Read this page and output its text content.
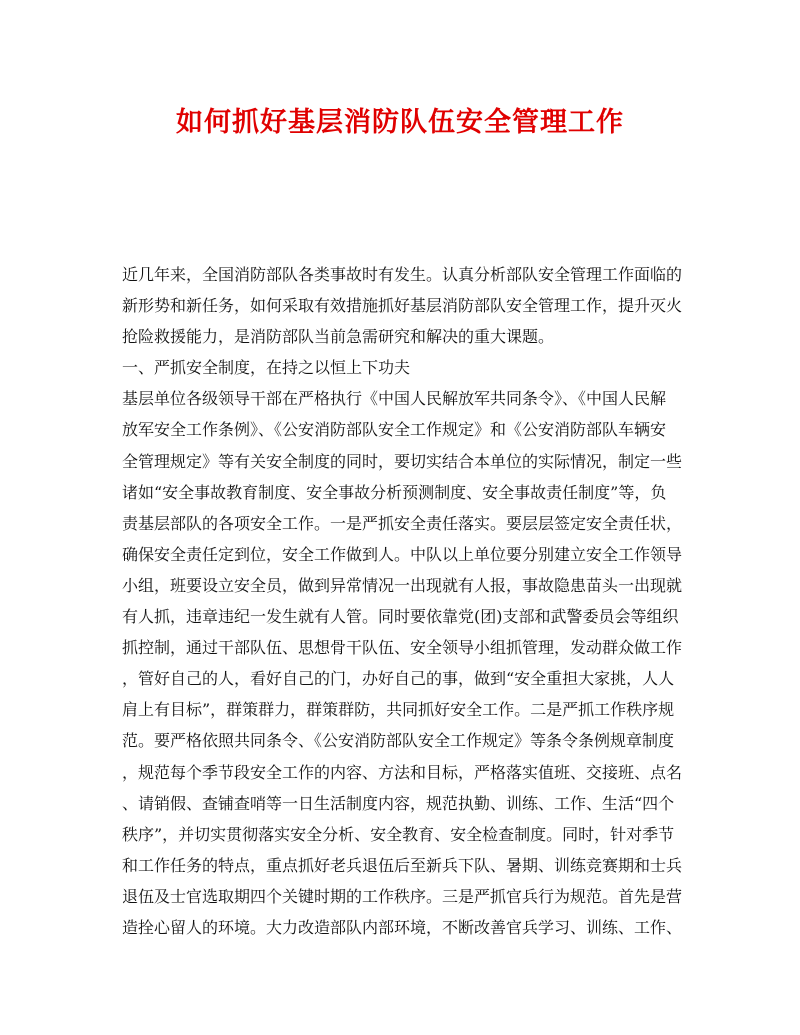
如何抓好基层消防队伍安全管理工作
近几年来，全国消防部队各类事故时有发生。认真分析部队安全管理工作面临的
新形势和新任务，如何采取有效措施抓好基层消防部队安全管理工作，提升灭火
抢险救援能力，是消防部队当前急需研究和解决的重大课题。
一、严抓安全制度，在持之以恒上下功夫
基层单位各级领导干部在严格执行《中国人民解放军共同条令》、《中国人民解
放军安全工作条例》、《公安消防部队安全工作规定》和《公安消防部队车辆安
全管理规定》等有关安全制度的同时，要切实结合本单位的实际情况，制定一些
诸如“安全事故教育制度、安全事故分析预测制度、安全事故责任制度”等，负
责基层部队的各项安全工作。一是严抓安全责任落实。要层层签定安全责任状，
确保安全责任定到位，安全工作做到人。中队以上单位要分别建立安全工作领导
小组，班要设立安全员，做到异常情况一出现就有人报，事故隐患苗头一出现就
有人抓，违章违纪一发生就有人管。同时要依靠党(团)支部和武警委员会等组织
抓控制，通过干部队伍、思想骨干队伍、安全领导小组抓管理，发动群众做工作
，管好自己的人，看好自己的门，办好自己的事，做到“安全重担大家挑，人人
肩上有目标”，群策群力，群策群防，共同抓好安全工作。二是严抓工作秩序规
范。要严格依照共同条令、《公安消防部队安全工作规定》等条令条例规章制度
，规范每个季节段安全工作的内容、方法和目标，严格落实值班、交接班、点名
、请销假、查铺查哨等一日生活制度内容，规范执勤、训练、工作、生活“四个
秩序”，并切实贯彻落实安全分析、安全教育、安全检查制度。同时，针对季节
和工作任务的特点，重点抓好老兵退伍后至新兵下队、暑期、训练竞赛期和士兵
退伍及士官选取期四个关键时期的工作秩序。三是严抓官兵行为规范。首先是营
造拴心留人的环境。大力改造部队内部环境，不断改善官兵学习、训练、工作、
